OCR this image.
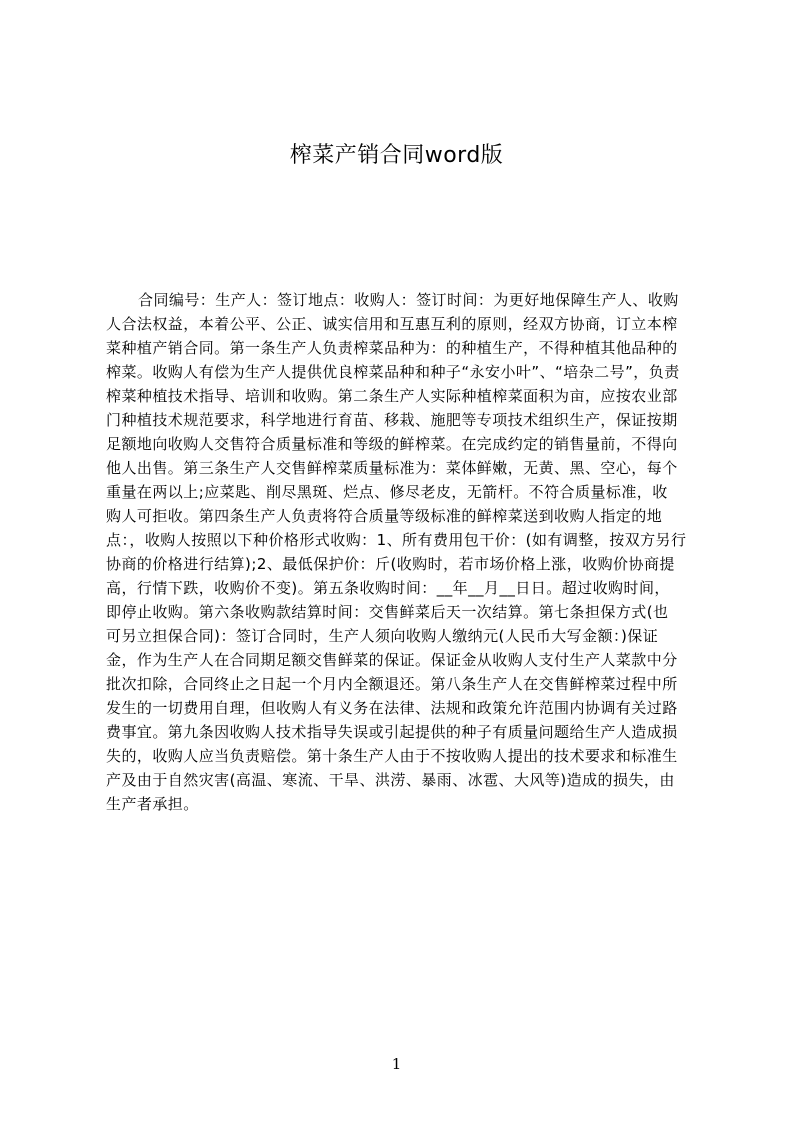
榨菜产销合同word版
合同编号：生产人：签订地点：收购人：签订时间：为更好地保障生产人、收购
人合法权益，本着公平、公正、诚实信用和互惠互利的原则，经双方协商，订立本榨
菜种植产销合同。第一条生产人负责榨菜品种为：的种植生产，不得种植其他品种的
榨菜。收购人有偿为生产人提供优良榨菜品种和种子“永安小叶”、“培杂二号”，负责
榨菜种植技术指导、培训和收购。第二条生产人实际种植榨菜面积为亩，应按农业部
门种植技术规范要求，科学地进行育苗、移栽、施肥等专项技术组织生产，保证按期
足额地向收购人交售符合质量标准和等级的鲜榨菜。在完成约定的销售量前，不得向
他人出售。第三条生产人交售鲜榨菜质量标准为：菜体鲜嫩，无黄、黑、空心，每个
重量在两以上;应菜匙、削尽黑斑、烂点、修尽老皮，无箭杆。不符合质量标准，收
购人可拒收。第四条生产人负责将符合质量等级标准的鲜榨菜送到收购人指定的地
点：，收购人按照以下种价格形式收购：1、所有费用包干价：(如有调整，按双方另行
协商的价格进行结算);2、最低保护价：斤(收购时，若市场价格上涨，收购价协商提
高，行情下跌，收购价不变)。第五条收购时间：__年__月__日日。超过收购时间，
即停止收购。第六条收购款结算时间：交售鲜菜后天一次结算。第七条担保方式(也
可另立担保合同)：签订合同时，生产人须向收购人缴纳元(人民币大写金额：)保证
金，作为生产人在合同期足额交售鲜菜的保证。保证金从收购人支付生产人菜款中分
批次扣除，合同终止之日起一个月内全额退还。第八条生产人在交售鲜榨菜过程中所
发生的一切费用自理，但收购人有义务在法律、法规和政策允许范围内协调有关过路
费事宜。第九条因收购人技术指导失误或引起提供的种子有质量问题给生产人造成损
失的，收购人应当负责赔偿。第十条生产人由于不按收购人提出的技术要求和标准生
产及由于自然灾害(高温、寒流、干旱、洪涝、暴雨、冰雹、大风等)造成的损失，由
生产者承担。
1
